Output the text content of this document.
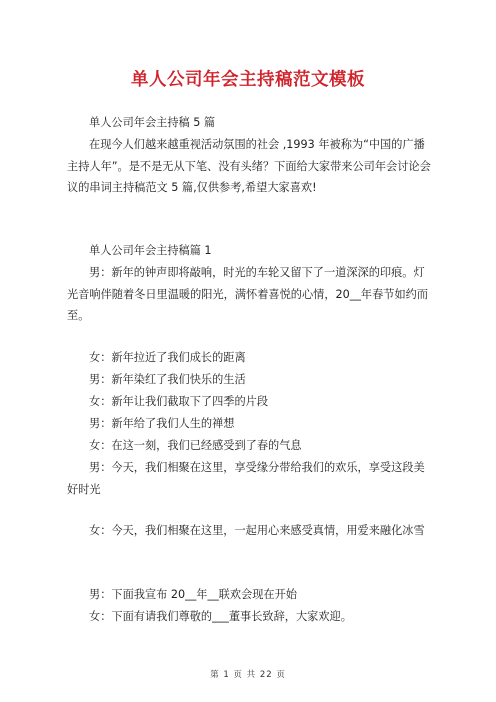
单人公司年会主持稿范文模板

单人公司年会主持稿 5 篇

在现今人们越来越重视活动氛围的社会 ,1993 年被称为“中国的广播主持人年”。是不是无从下笔、没有头绪？下面给大家带来公司年会讨论会议的串词主持稿范文 5 篇,仅供参考,希望大家喜欢!

单人公司年会主持稿篇 1

男：新年的钟声即将敲响，时光的车轮又留下了一道深深的印痕。灯光音响伴随着冬日里温暖的阳光，满怀着喜悦的心情，20__年春节如约而至。

女：新年拉近了我们成长的距离

男：新年染红了我们快乐的生活

女：新年让我们截取下了四季的片段

男：新年给了我们人生的禅想

女：在这一刻，我们已经感受到了春的气息

男：今天，我们相聚在这里，享受缘分带给我们的欢乐，享受这段美好时光

女：今天，我们相聚在这里，一起用心来感受真情，用爱来融化冰雪

男：下面我宣布 20__年__联欢会现在开始

女：下面有请我们尊敬的___董事长致辞，大家欢迎。

第 1 页 共 22 页
